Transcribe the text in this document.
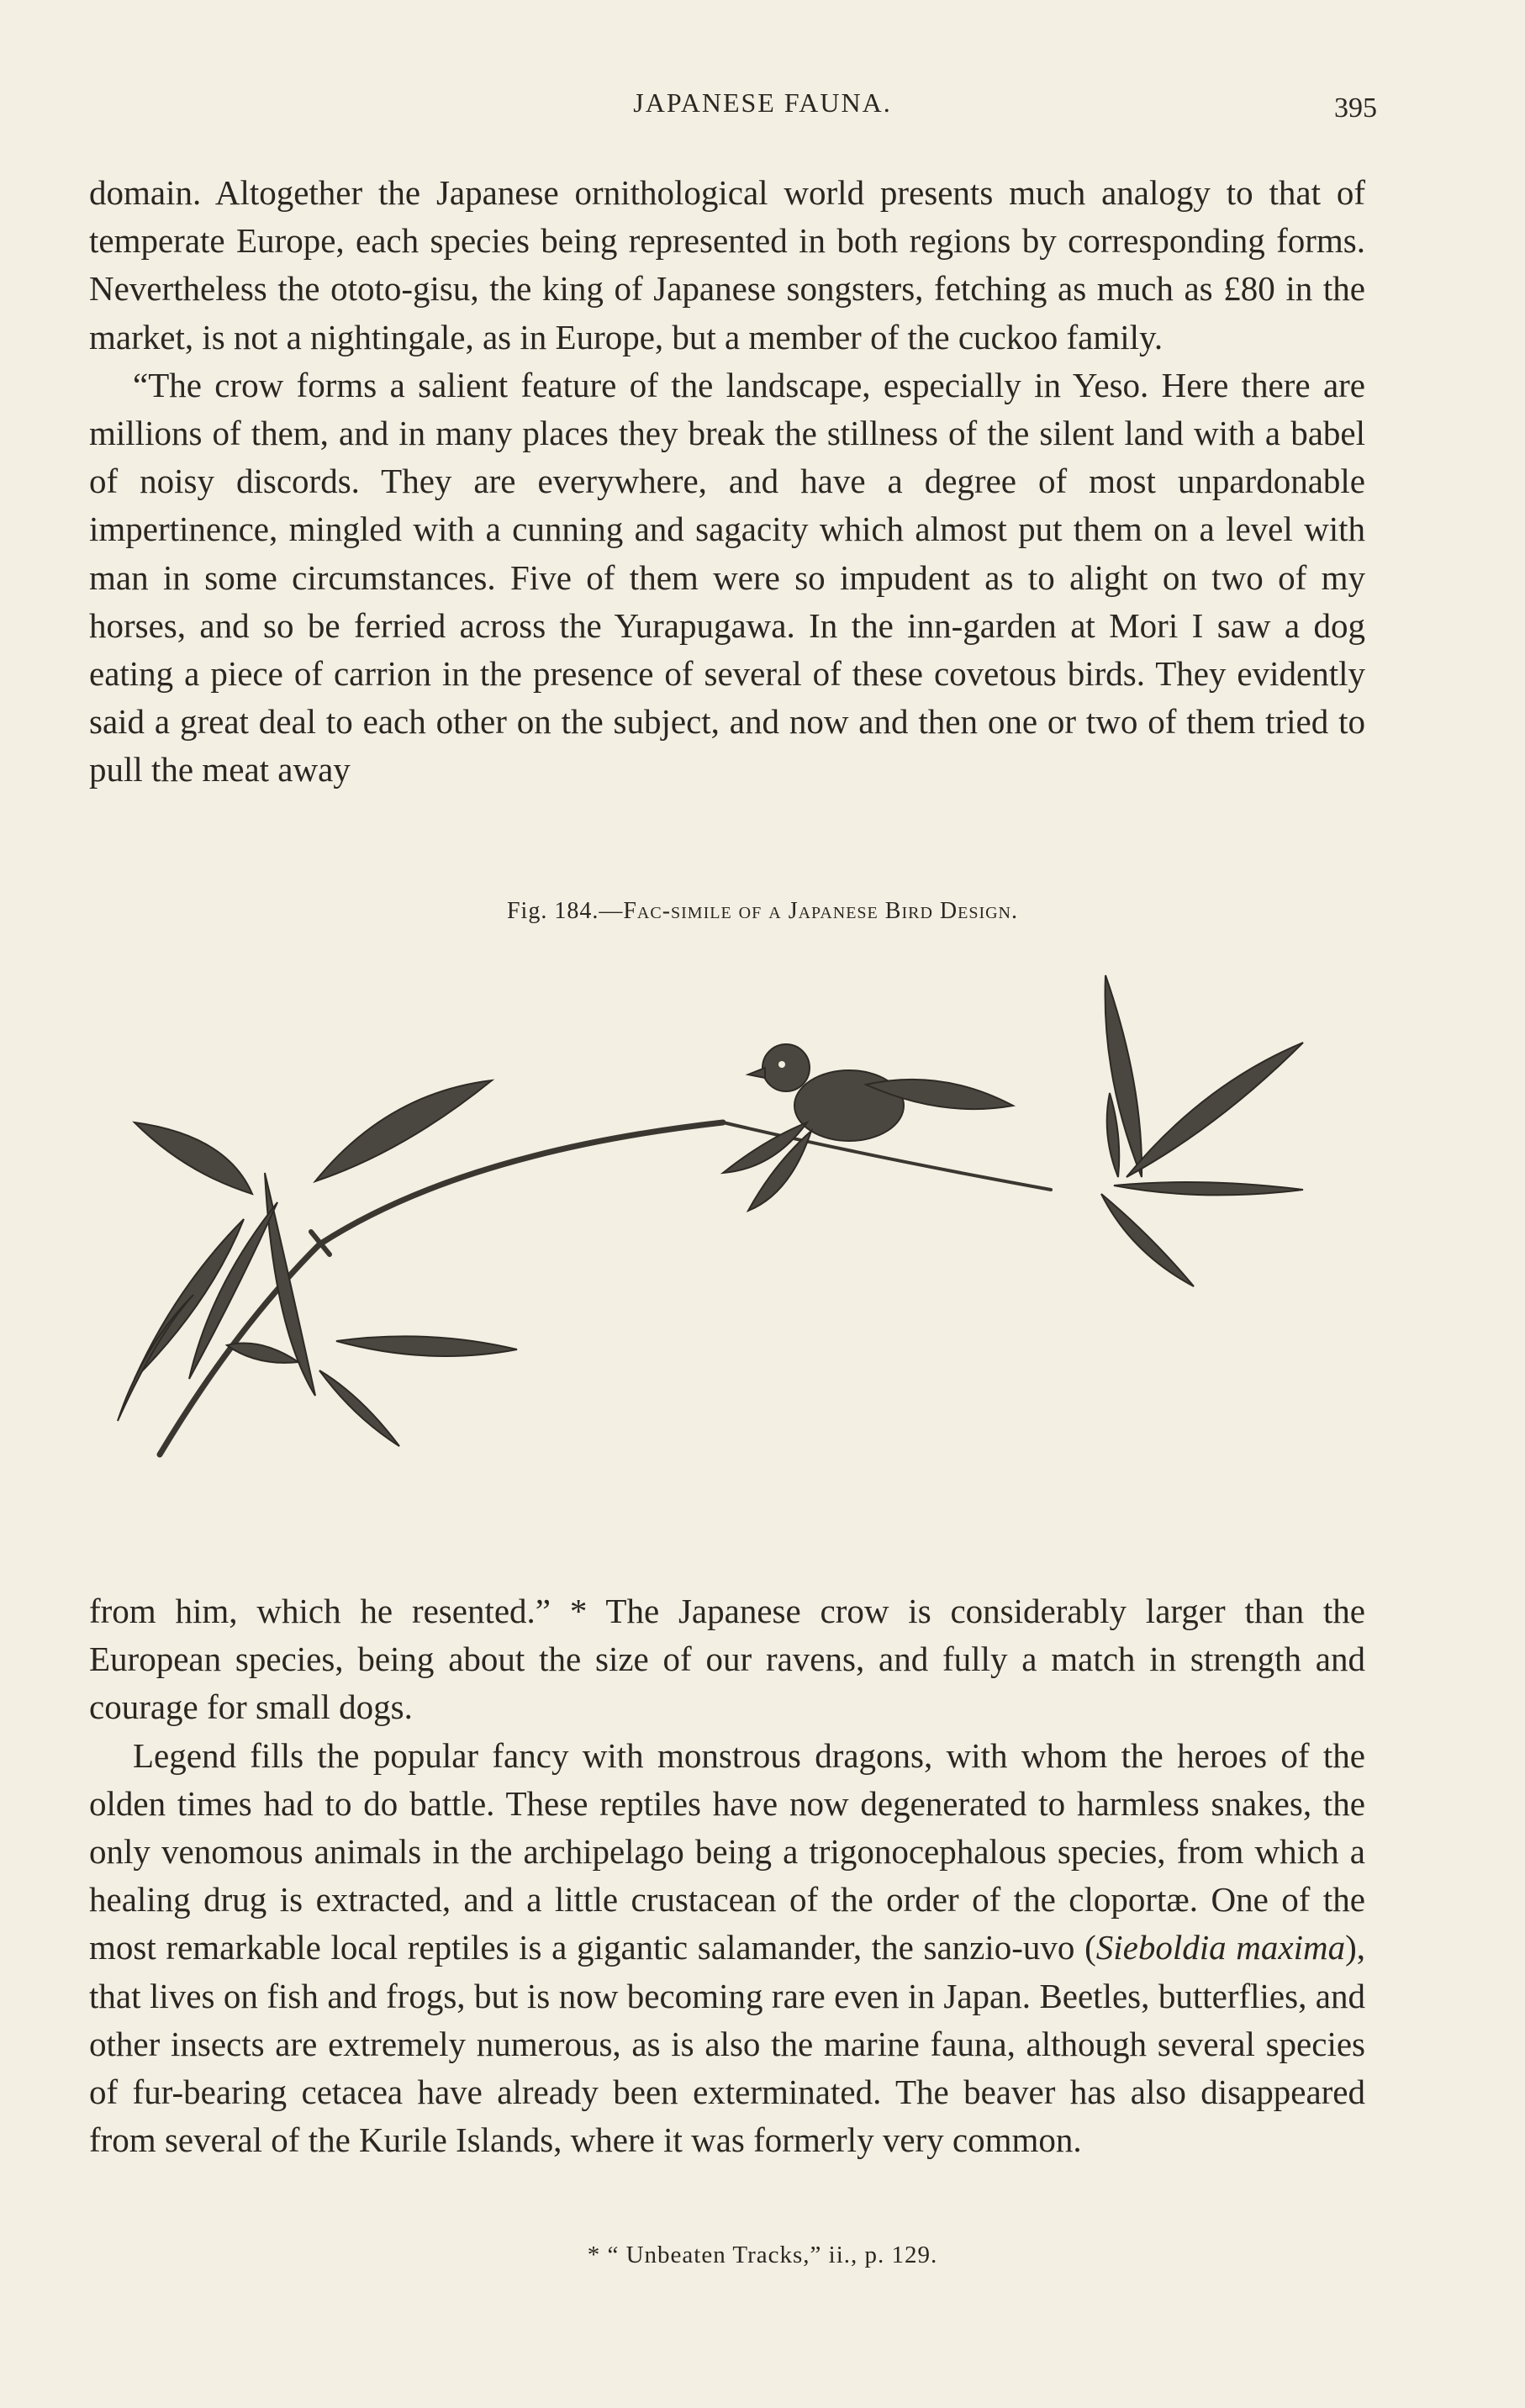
JAPANESE FAUNA.	395

domain. Altogether the Japanese ornithological world presents much analogy to that of temperate Europe, each species being represented in both regions by corresponding forms. Nevertheless the ototo-gisu, the king of Japanese songsters, fetching as much as £80 in the market, is not a nightingale, as in Europe, but a member of the cuckoo family.

“The crow forms a salient feature of the landscape, especially in Yeso. Here there are millions of them, and in many places they break the stillness of the silent land with a babel of noisy discords. They are everywhere, and have a degree of most unpardonable impertinence, mingled with a cunning and sagacity which almost put them on a level with man in some circumstances. Five of them were so impudent as to alight on two of my horses, and so be ferried across the Yurapugawa. In the inn-garden at Mori I saw a dog eating a piece of carrion in the presence of several of these covetous birds. They evidently said a great deal to each other on the subject, and now and then one or two of them tried to pull the meat away

Fig. 184.—Fac-simile of a Japanese Bird Design.

from him, which he resented.” * The Japanese crow is considerably larger than the European species, being about the size of our ravens, and fully a match in strength and courage for small dogs.

Legend fills the popular fancy with monstrous dragons, with whom the heroes of the olden times had to do battle. These reptiles have now degenerated to harmless snakes, the only venomous animals in the archipelago being a trigonocephalous species, from which a healing drug is extracted, and a little crustacean of the order of the cloportæ. One of the most remarkable local reptiles is a gigantic salamander, the sanzio-uvo (Sieboldia maxima), that lives on fish and frogs, but is now becoming rare even in Japan. Beetles, butterflies, and other insects are extremely numerous, as is also the marine fauna, although several species of fur-bearing cetacea have already been exterminated. The beaver has also disappeared from several of the Kurile Islands, where it was formerly very common.

* “ Unbeaten Tracks,” ii., p. 129.
